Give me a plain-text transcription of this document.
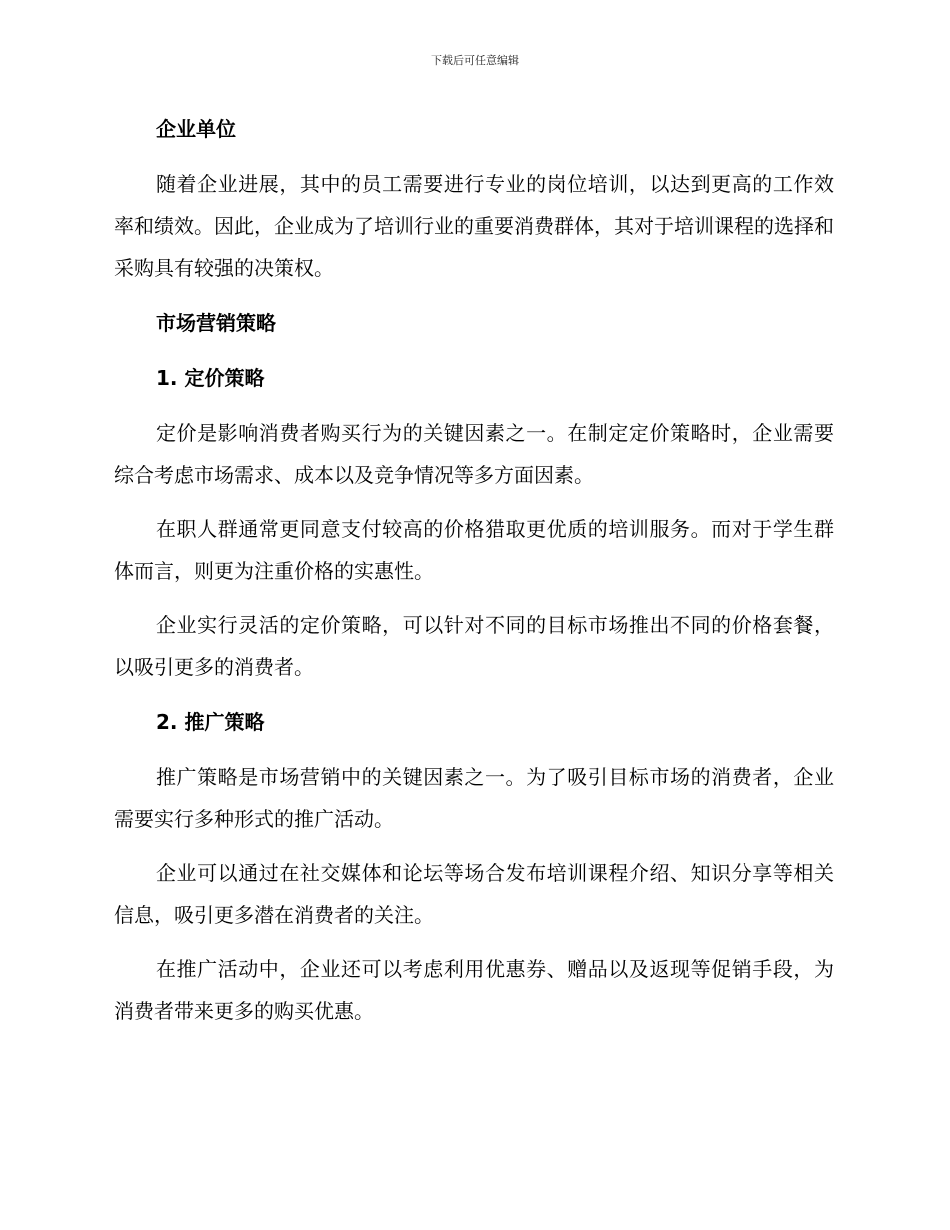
下载后可任意编辑
企业单位

随着企业进展，其中的员工需要进行专业的岗位培训，以达到更高的工作效率和绩效。因此，企业成为了培训行业的重要消费群体，其对于培训课程的选择和采购具有较强的决策权。

市场营销策略
1. 定价策略

定价是影响消费者购买行为的关键因素之一。在制定定价策略时，企业需要综合考虑市场需求、成本以及竞争情况等多方面因素。

在职人群通常更同意支付较高的价格猎取更优质的培训服务。而对于学生群体而言，则更为注重价格的实惠性。

企业实行灵活的定价策略，可以针对不同的目标市场推出不同的价格套餐，以吸引更多的消费者。

2. 推广策略

推广策略是市场营销中的关键因素之一。为了吸引目标市场的消费者，企业需要实行多种形式的推广活动。

企业可以通过在社交媒体和论坛等场合发布培训课程介绍、知识分享等相关信息，吸引更多潜在消费者的关注。

在推广活动中，企业还可以考虑利用优惠券、赠品以及返现等促销手段，为消费者带来更多的购买优惠。
